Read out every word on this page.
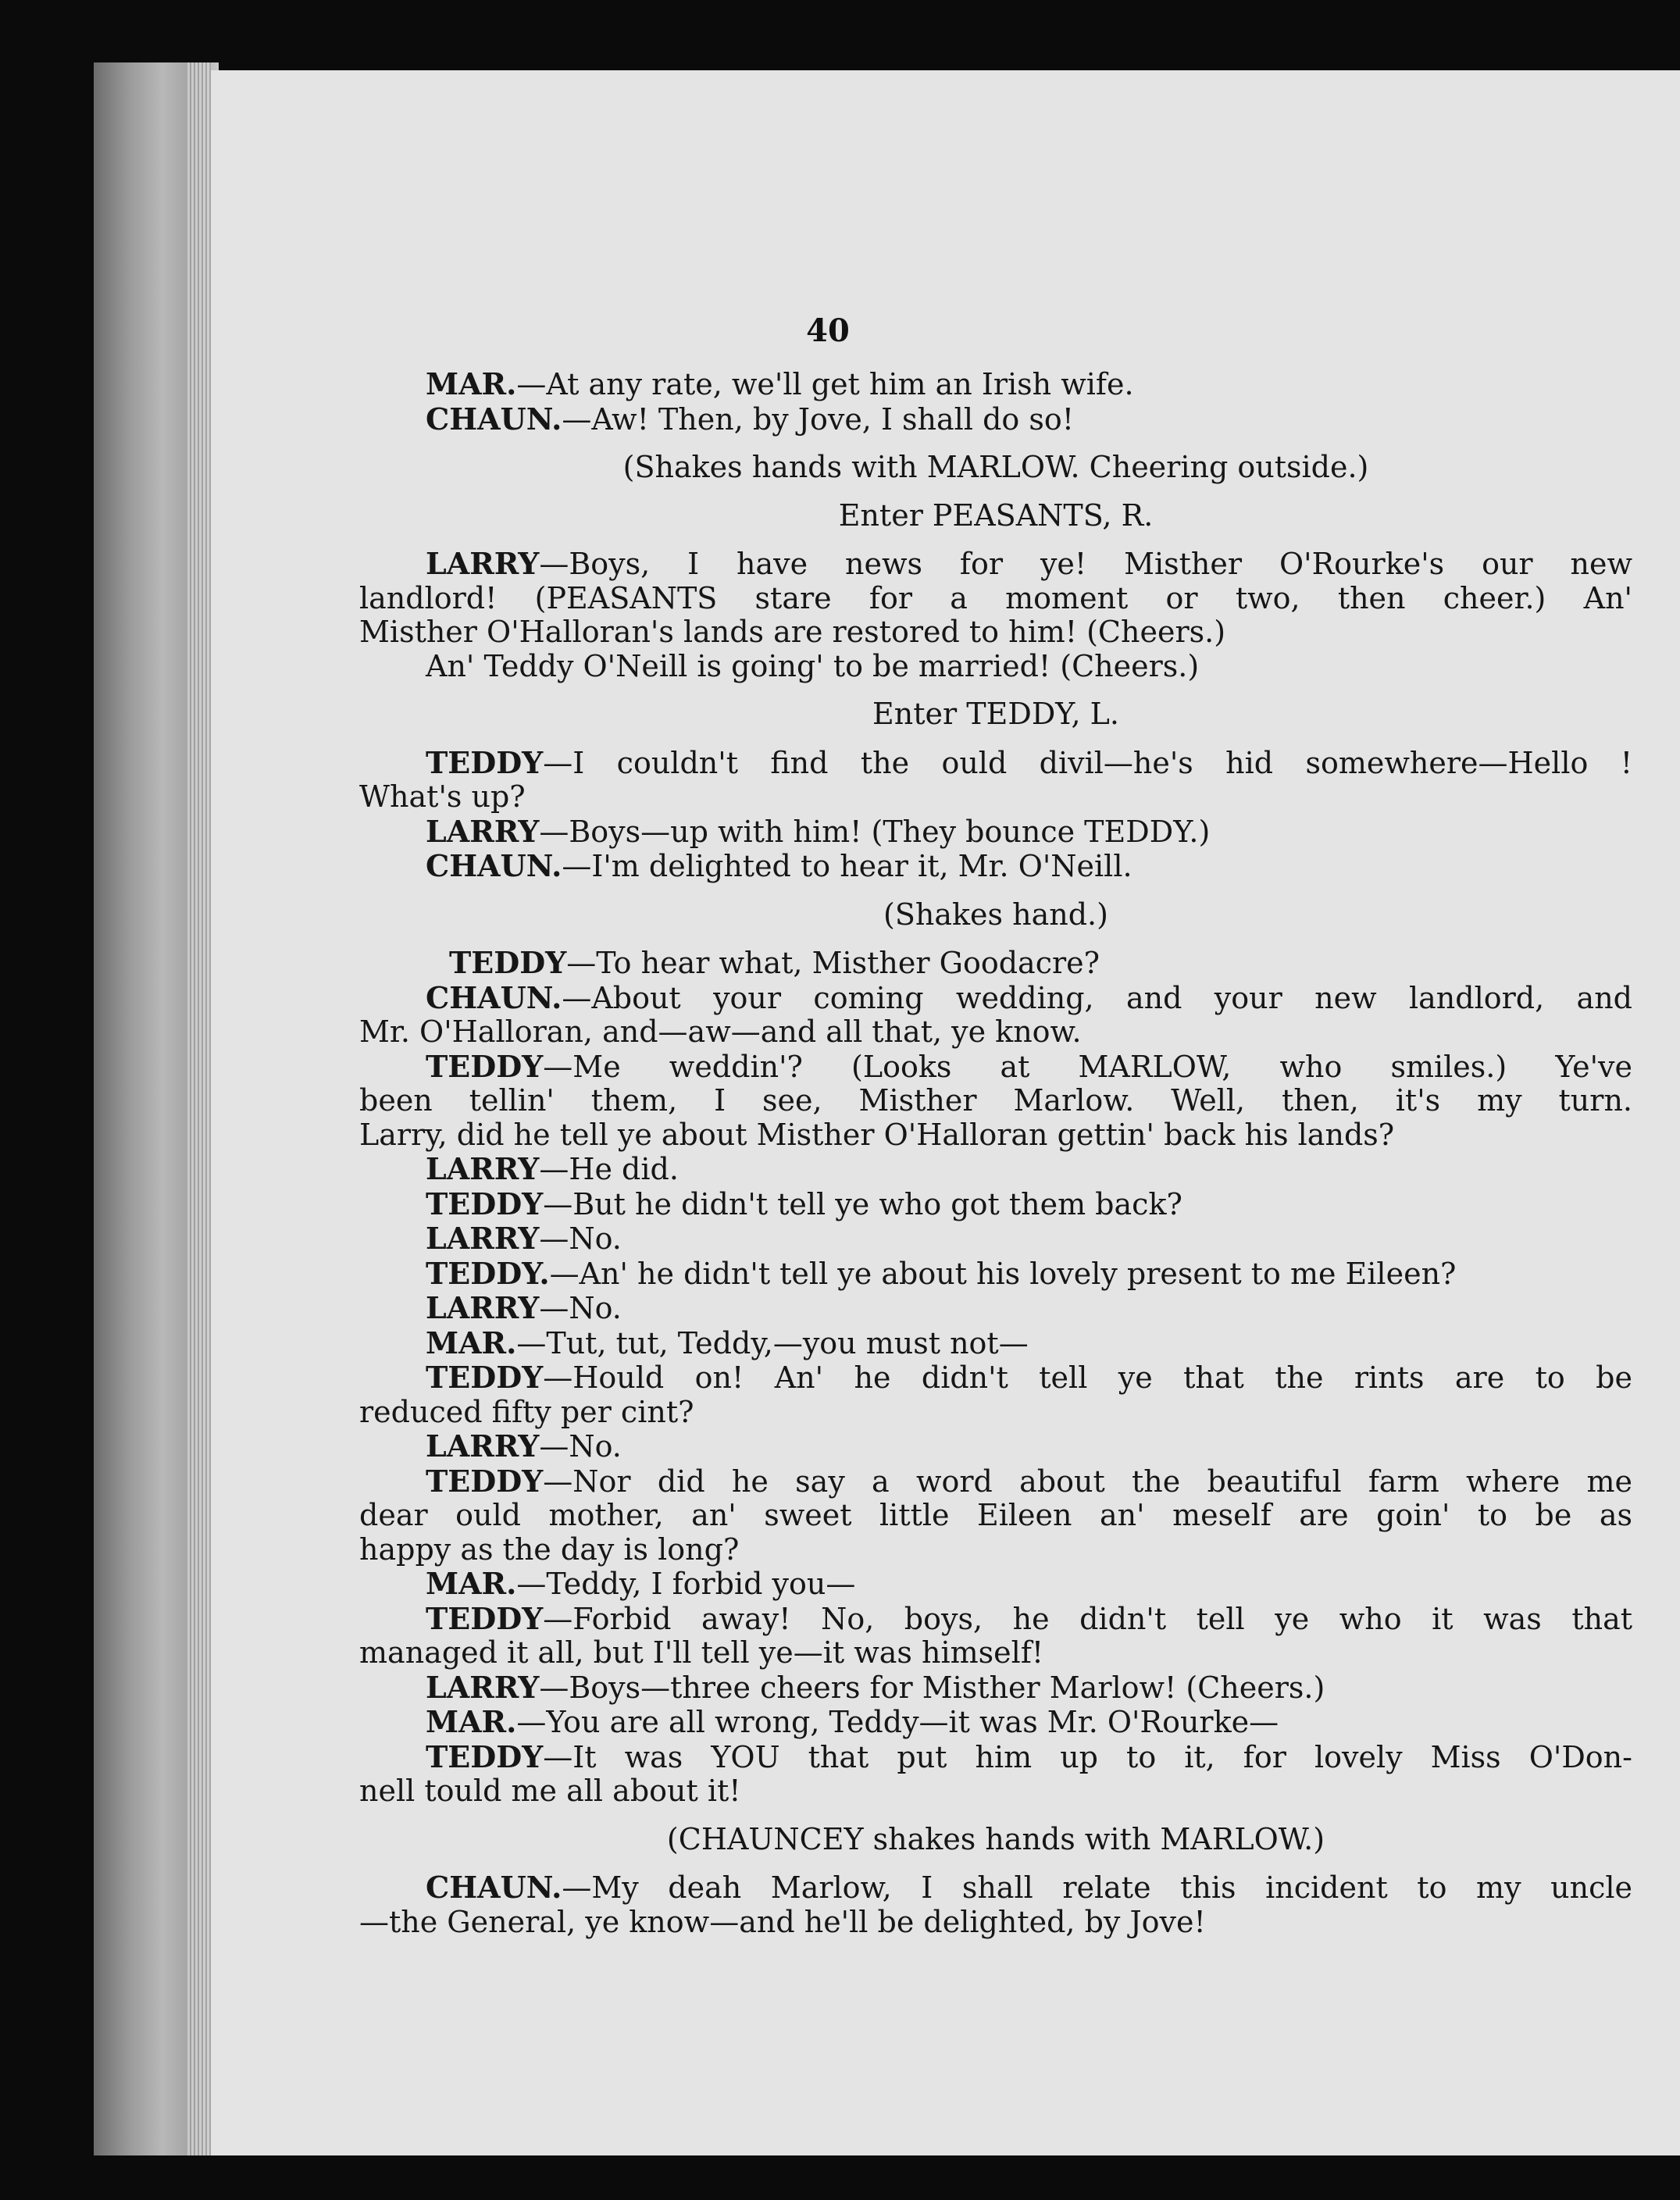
40
MAR.—At any rate, we'll get him an Irish wife.
CHAUN.—Aw! Then, by Jove, I shall do so!
(Shakes hands with MARLOW. Cheering outside.)
Enter PEASANTS, R.
LARRY—Boys, I have news for ye! Misther O'Rourke's our new
landlord! (PEASANTS stare for a moment or two, then cheer.) An'
Misther O'Halloran's lands are restored to him! (Cheers.)
An' Teddy O'Neill is going' to be married! (Cheers.)
Enter TEDDY, L.
TEDDY—I couldn't find the ould divil—he's hid somewhere—Hello !
What's up?
LARRY—Boys—up with him! (They bounce TEDDY.)
CHAUN.—I'm delighted to hear it, Mr. O'Neill.
(Shakes hand.)
TEDDY—To hear what, Misther Goodacre?
CHAUN.—About your coming wedding, and your new landlord, and
Mr. O'Halloran, and—aw—and all that, ye know.
TEDDY—Me weddin'? (Looks at MARLOW, who smiles.) Ye've
been tellin' them, I see, Misther Marlow. Well, then, it's my turn.
Larry, did he tell ye about Misther O'Halloran gettin' back his lands?
LARRY—He did.
TEDDY—But he didn't tell ye who got them back?
LARRY—No.
TEDDY.—An' he didn't tell ye about his lovely present to me Eileen?
LARRY—No.
MAR.—Tut, tut, Teddy,—you must not—
TEDDY—Hould on! An' he didn't tell ye that the rints are to be
reduced fifty per cint?
LARRY—No.
TEDDY—Nor did he say a word about the beautiful farm where me
dear ould mother, an' sweet little Eileen an' meself are goin' to be as
happy as the day is long?
MAR.—Teddy, I forbid you—
TEDDY—Forbid away! No, boys, he didn't tell ye who it was that
managed it all, but I'll tell ye—it was himself!
LARRY—Boys—three cheers for Misther Marlow! (Cheers.)
MAR.—You are all wrong, Teddy—it was Mr. O'Rourke—
TEDDY—It was YOU that put him up to it, for lovely Miss O'Don-
nell tould me all about it!
(CHAUNCEY shakes hands with MARLOW.)
CHAUN.—My deah Marlow, I shall relate this incident to my uncle
—the General, ye know—and he'll be delighted, by Jove!
